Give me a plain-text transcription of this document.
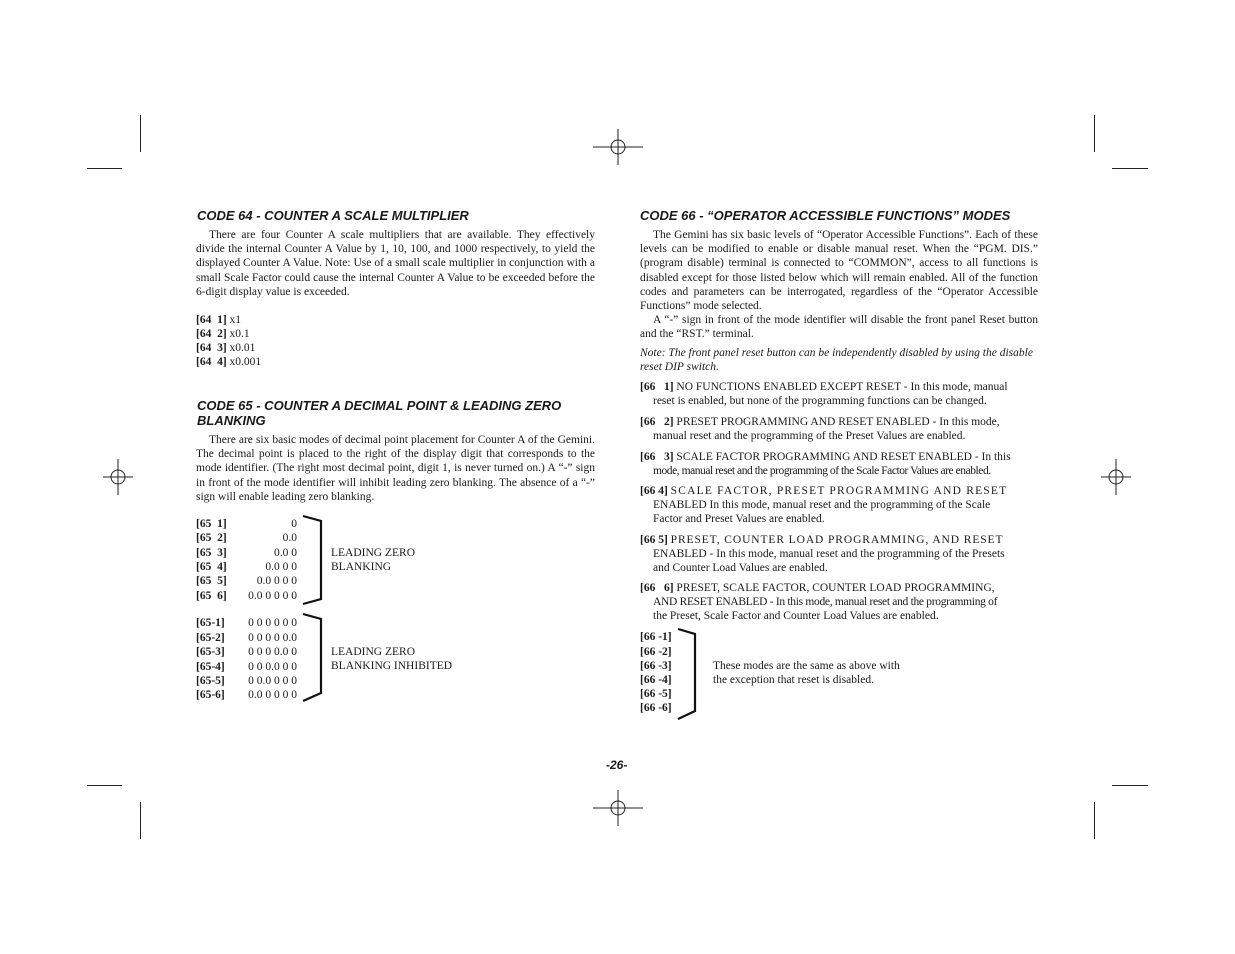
CODE 64 - COUNTER A SCALE MULTIPLIER

There are four Counter A scale multipliers that are available. They effectively divide the internal Counter A Value by 1, 10, 100, and 1000 respectively, to yield the displayed Counter A Value. Note: Use of a small scale multiplier in conjunction with a small Scale Factor could cause the internal Counter A Value to be exceeded before the 6-digit display value is exceeded.

[64  1] x1
[64  2] x0.1
[64  3] x0.01
[64  4] x0.001
CODE 65 - COUNTER A DECIMAL POINT & LEADING ZERO
BLANKING

There are six basic modes of decimal point placement for Counter A of the Gemini. The decimal point is placed to the right of the display digit that corresponds to the mode identifier. (The right most decimal point, digit 1, is never turned on.) A “-” sign in front of the mode identifier will inhibit leading zero blanking. The absence of a “-” sign will enable leading zero blanking.

[65  1]	0
[65  2]	0.0
[65  3]	0.0 0
[65  4]	0.0 0 0
[65  5]	0.0 0 0 0
[65  6]	0.0 0 0 0 0
LEADING ZERO
BLANKING
[65-1]	0 0 0 0 0 0
[65-2]	0 0 0 0 0.0
[65-3]	0 0 0 0.0 0
[65-4]	0 0 0.0 0 0
[65-5]	0 0.0 0 0 0
[65-6]	0.0 0 0 0 0
LEADING ZERO
BLANKING INHIBITED
CODE 66 - “OPERATOR ACCESSIBLE FUNCTIONS” MODES

The Gemini has six basic levels of “Operator Accessible Functions”. Each of these levels can be modified to enable or disable manual reset. When the “PGM. DIS.” (program disable) terminal is connected to “COMMON”, access to all functions is disabled except for those listed below which will remain enabled. All of the function codes and parameters can be interrogated, regardless of the “Operator Accessible Functions” mode selected.

A “-” sign in front of the mode identifier will disable the front panel Reset button and the “RST.” terminal.

Note: The front panel reset button can be independently disabled by using the disable reset DIP switch.
[66   1] NO FUNCTIONS ENABLED EXCEPT RESET - In this mode, manual
reset is enabled, but none of the programming functions can be changed.
[66   2] PRESET PROGRAMMING AND RESET ENABLED - In this mode,
manual reset and the programming of the Preset Values are enabled.
[66   3] SCALE FACTOR PROGRAMMING AND RESET ENABLED - In this
mode, manual reset and the programming of the Scale Factor Values are enabled.
[66 4] SCALE FACTOR, PRESET PROGRAMMING AND RESET
ENABLED In this mode, manual reset and the programming of the Scale
Factor and Preset Values are enabled.
[66 5] PRESET, COUNTER LOAD PROGRAMMING, AND RESET
ENABLED - In this mode, manual reset and the programming of the Presets
and Counter Load Values are enabled.
[66   6] PRESET, SCALE FACTOR, COUNTER LOAD PROGRAMMING,
AND RESET ENABLED - In this mode, manual reset and the programming of
the Preset, Scale Factor and Counter Load Values are enabled.
[66 -1]
[66 -2]
[66 -3]
[66 -4]
[66 -5]
[66 -6]
These modes are the same as above with
the exception that reset is disabled.
-26-
